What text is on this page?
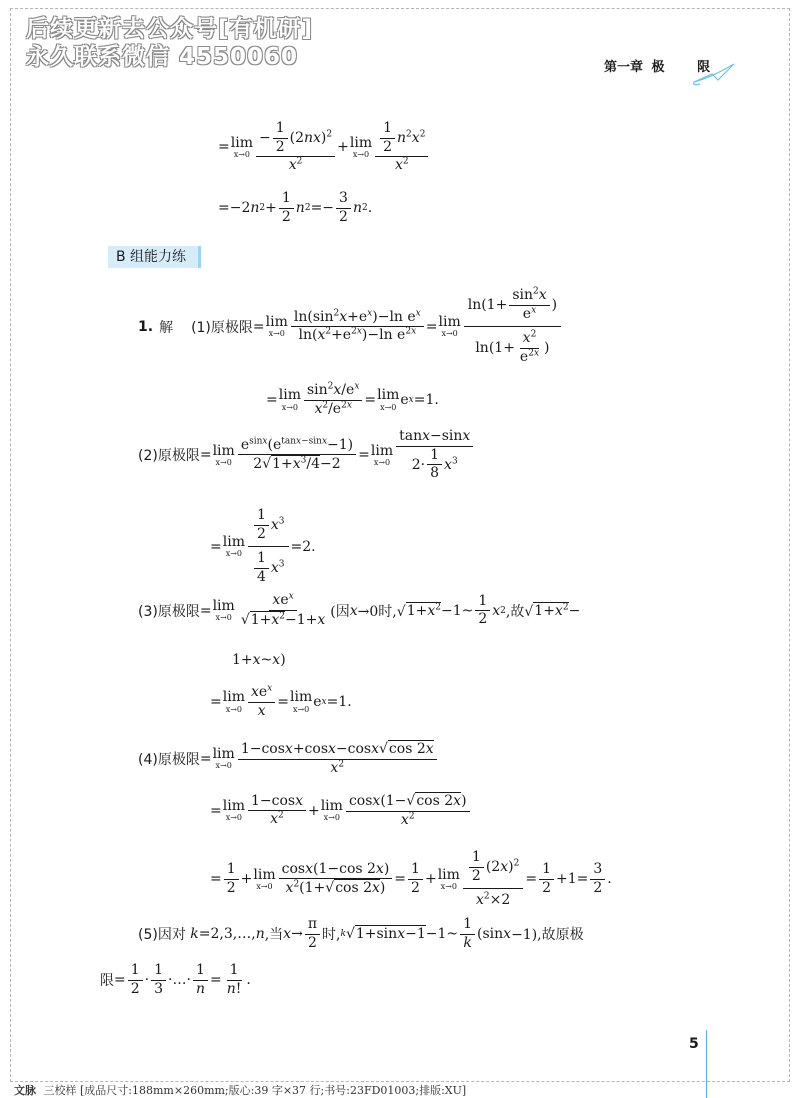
后续更新去公众号[有机研]
永久联系微信 4550060	第一章 极	限
= lim
$x\to 0 \frac{- \frac{1}{2} (2nx)^2}{x^2} + \lim$
$x\to 0 \frac{\frac{1}{2} n^2x^2}{x^2}$
=−2 n $2 + \frac{1}{2}$ n $2 =- \frac{3}{2}$ n 2 .
B 组能力练
1. 解 (1)原极限 = lim
$x\to 0 \frac{\ln(\sin^2x+e^x)-\ln e^x}{\ln(x^2+e^{2x})-\ln e^{2x}} = \lim$
$x\to 0 \frac{\ln(1+ \frac{\sin^2x}{e^x} )}{\ln(1+ \frac{x^2}{e^{2x}} )}$
= lim
$x\to 0 \frac{\sin^2x/e^x}{x^2/e^{2x}} = \lim$
x→0 e x =1.
(2)原极限 = lim
$x\to 0 \frac{e^{sinx}(e^{tanx-sinx}-1)}{2√1+x^3/4-2} = \lim$
$x\to 0 \frac{\tan x-\sin x}{2\cdot \frac{1}{8} x^3}$
= lim
$x\to 0 \frac{\frac{1}{2} x^3}{\frac{1}{4} x^3} =2$.
(3)原极限 = lim
$x\to 0 \frac{xe^x}{√1+x^2-1+x}$ (因 x →0时,√ $1+x^2$ −1~ $\frac{1}{2}$ x 2 ,故√ $1+x^2$ −
1+ x ~ x )
= lim
$x\to 0 \frac{xe^x}{x} = \lim$
x→0 e x =1.
(4)原极限 = lim
$x\to 0 \frac{1-\cos x+\cos x-\cos x√\cos 2x}{x^2}$
= lim
$x\to 0 \frac{1-\cos x}{x^2} + \lim$
$x\to 0 \frac{\cos x(1-√\cos 2x)}{x^2}$
= $\frac{1}{2} + \lim$
$x\to 0 \frac{\cos x(1-\cos 2x)}{x^2(1+√\cos 2x)} = \frac{1}{2} + \lim$
$x\to 0 \frac{\frac{1}{2} (2x)^2}{x^2\times 2} = \frac{1}{2} +1= \frac{3}{2}$ .
(5)因对
k =2,3,…, n ,当 $x \to \frac{\pi}{2}$ 时, k √ 1+sinx−1 −1~ $\frac{1}{k} (\sin$ x −1),故原极
限 = $\frac{1}{2} \cdot \frac{1}{3}$ ·…· $\frac{1}{n} = \frac{1}{n!}$ .
5
文脉 三校样 [成品尺寸:188mm×260mm;版心:39 字×37 行;书号:23FD01003;排版:XU]
